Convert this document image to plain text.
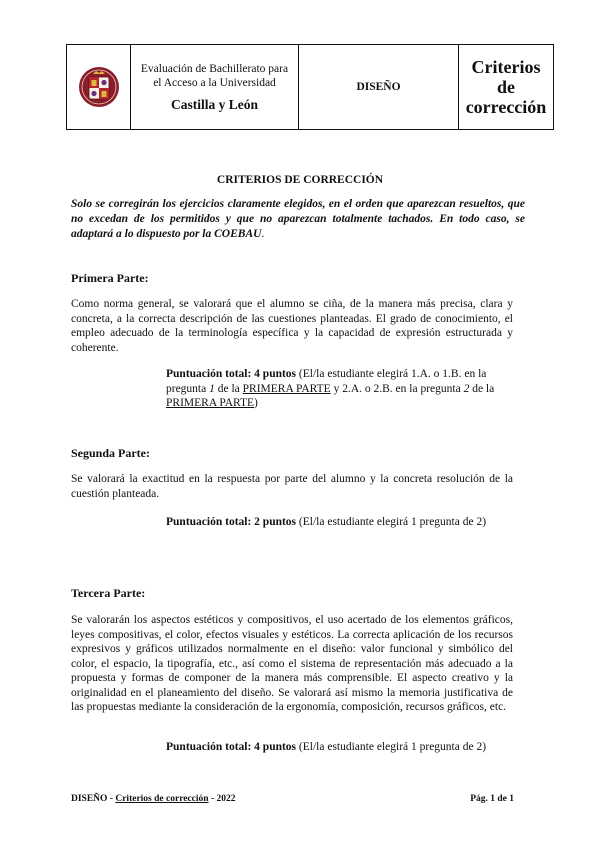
Evaluación de Bachillerato para
el Acceso a la Universidad
Castilla y León
DISEÑO
Criterios
de
corrección
CRITERIOS DE CORRECCIÓN
Solo se corregirán los ejercicios claramente elegidos, en el orden que aparezcan resueltos, que no excedan de los permitidos y que no aparezcan totalmente tachados. En todo caso, se adaptará a lo dispuesto por la COEBAU.
Primera Parte:
Como norma general, se valorará que el alumno se ciña, de la manera más precisa, clara y concreta, a la correcta descripción de las cuestiones planteadas. El grado de conocimiento, el empleo adecuado de la terminología específica y la capacidad de expresión estructurada y coherente.
Puntuación total: 4 puntos (El/la estudiante elegirá 1.A. o 1.B. en la pregunta 1 de la PRIMERA PARTE y 2.A. o 2.B. en la pregunta 2 de la PRIMERA PARTE)
Segunda Parte:
Se valorará la exactitud en la respuesta por parte del alumno y la concreta resolución de la cuestión planteada.
Puntuación total: 2 puntos (El/la estudiante elegirá 1 pregunta de 2)
Tercera Parte:
Se valorarán los aspectos estéticos y compositivos, el uso acertado de los elementos gráficos, leyes compositivas, el color, efectos visuales y estéticos. La correcta aplicación de los recursos expresivos y gráficos utilizados normalmente en el diseño: valor funcional y simbólico del color, el espacio, la tipografía, etc., así como el sistema de representación más adecuado a la propuesta y formas de componer de la manera más comprensible. El aspecto creativo y la originalidad en el planeamiento del diseño. Se valorará así mismo la memoria justificativa de las propuestas mediante la consideración de la ergonomía, composición, recursos gráficos, etc.
Puntuación total: 4 puntos (El/la estudiante elegirá 1 pregunta de 2)
DISEÑO - Criterios de corrección - 2022	Pág. 1 de 1
